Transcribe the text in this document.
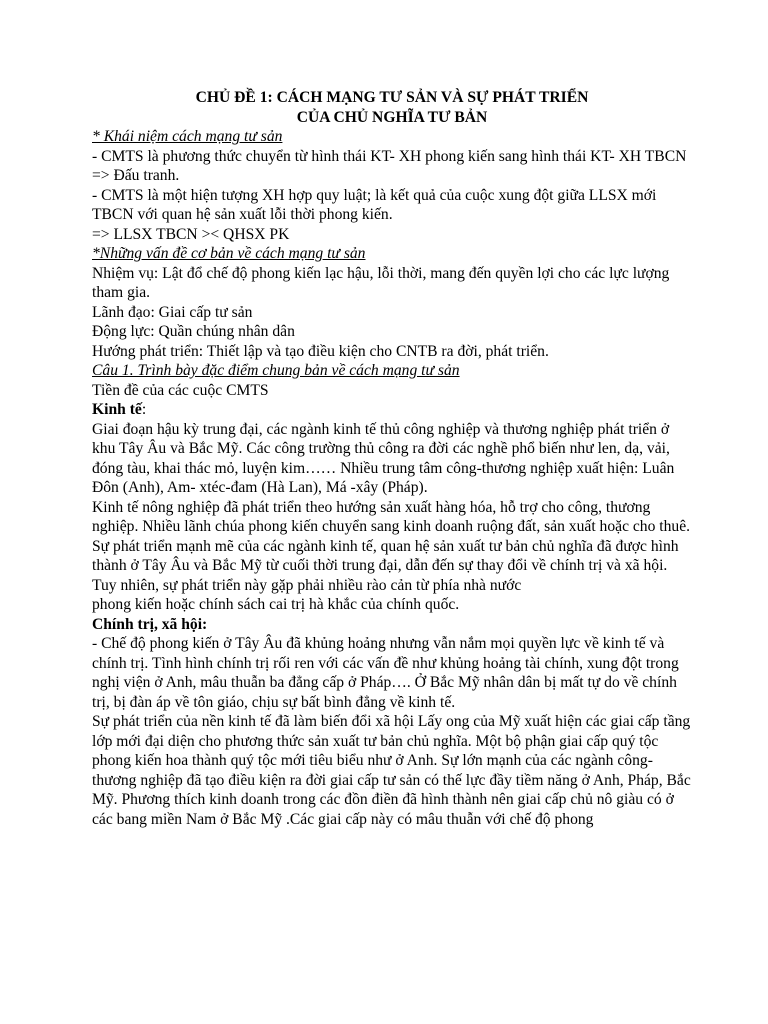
CHỦ ĐỀ 1: CÁCH MẠNG TƯ SẢN VÀ SỰ PHÁT TRIỂN
CỦA CHỦ NGHĨA TƯ BẢN

* Khái niệm cách mạng tư sản

- CMTS là phương thức chuyển từ hình thái KT- XH phong kiến sang hình thái KT- XH TBCN => Đấu tranh.

- CMTS là một hiện tượng XH hợp quy luật; là kết quả của cuộc xung đột giữa LLSX mới TBCN với quan hệ sản xuất lỗi thời phong kiến.

=> LLSX TBCN >< QHSX PK

*Những vấn đề cơ bản về cách mạng tư sản

Nhiệm vụ: Lật đổ chế độ phong kiến lạc hậu, lỗi thời, mang đến quyền lợi cho các lực lượng tham gia.

Lãnh đạo: Giai cấp tư sản

Động lực: Quần chúng nhân dân

Hướng phát triển: Thiết lập và tạo điều kiện cho CNTB ra đời, phát triển.

Câu 1. Trình bày đặc điểm chung bản về cách mạng tư sản

Tiền đề của các cuộc CMTS

Kinh tế:

Giai đoạn hậu kỳ trung đại, các ngành kinh tế thủ công nghiệp và thương nghiệp phát triển ở khu Tây Âu và Bắc Mỹ. Các công trường thủ công ra đời các nghề phổ biến như len, dạ, vải, đóng tàu, khai thác mỏ, luyện kim…… Nhiều trung tâm công-thương nghiệp xuất hiện: Luân Đôn (Anh), Am- xtéc-đam (Hà Lan), Má -xây (Pháp).

Kinh tế nông nghiệp đã phát triển theo hướng sản xuất hàng hóa, hỗ trợ cho công, thương nghiệp. Nhiều lãnh chúa phong kiến chuyển sang kinh doanh ruộng đất, sản xuất hoặc cho thuê.

Sự phát triển mạnh mẽ của các ngành kinh tế, quan hệ sản xuất tư bản chủ nghĩa đã được hình thành ở Tây Âu và Bắc Mỹ từ cuối thời trung đại, dẫn đến sự thay đổi về chính trị và xã hội. Tuy nhiên, sự phát triển này gặp phải nhiều rào cản từ phía nhà nước

phong kiến hoặc chính sách cai trị hà khắc của chính quốc.

Chính trị, xã hội:

- Chế độ phong kiến ở Tây Âu đã khủng hoảng nhưng vẫn nắm mọi quyền lực về kinh tế và chính trị. Tình hình chính trị rối ren với các vấn đề như khủng hoảng tài chính, xung đột trong nghị viện ở Anh, mâu thuẫn ba đẳng cấp ở Pháp…. Ở Bắc Mỹ nhân dân bị mất tự do về chính trị, bị đàn áp về tôn giáo, chịu sự bất bình đẳng về kinh tế.

Sự phát triển của nền kinh tế đã làm biến đổi xã hội Lấy ong của Mỹ xuất hiện các giai cấp tầng lớp mới đại diện cho phương thức sản xuất tư bản chủ nghĩa. Một bộ phận giai cấp quý tộc phong kiến hoa thành quý tộc mới tiêu biểu như ở Anh. Sự lớn mạnh của các ngành công- thương nghiệp đã tạo điều kiện ra đời giai cấp tư sản có thế lực đầy tiềm năng ở Anh, Pháp, Bắc Mỹ. Phương thích kinh doanh trong các đồn điền đã hình thành nên giai cấp chủ nô giàu có ở các bang miền Nam ở Bắc Mỹ .Các giai cấp này có mâu thuẫn với chế độ phong
